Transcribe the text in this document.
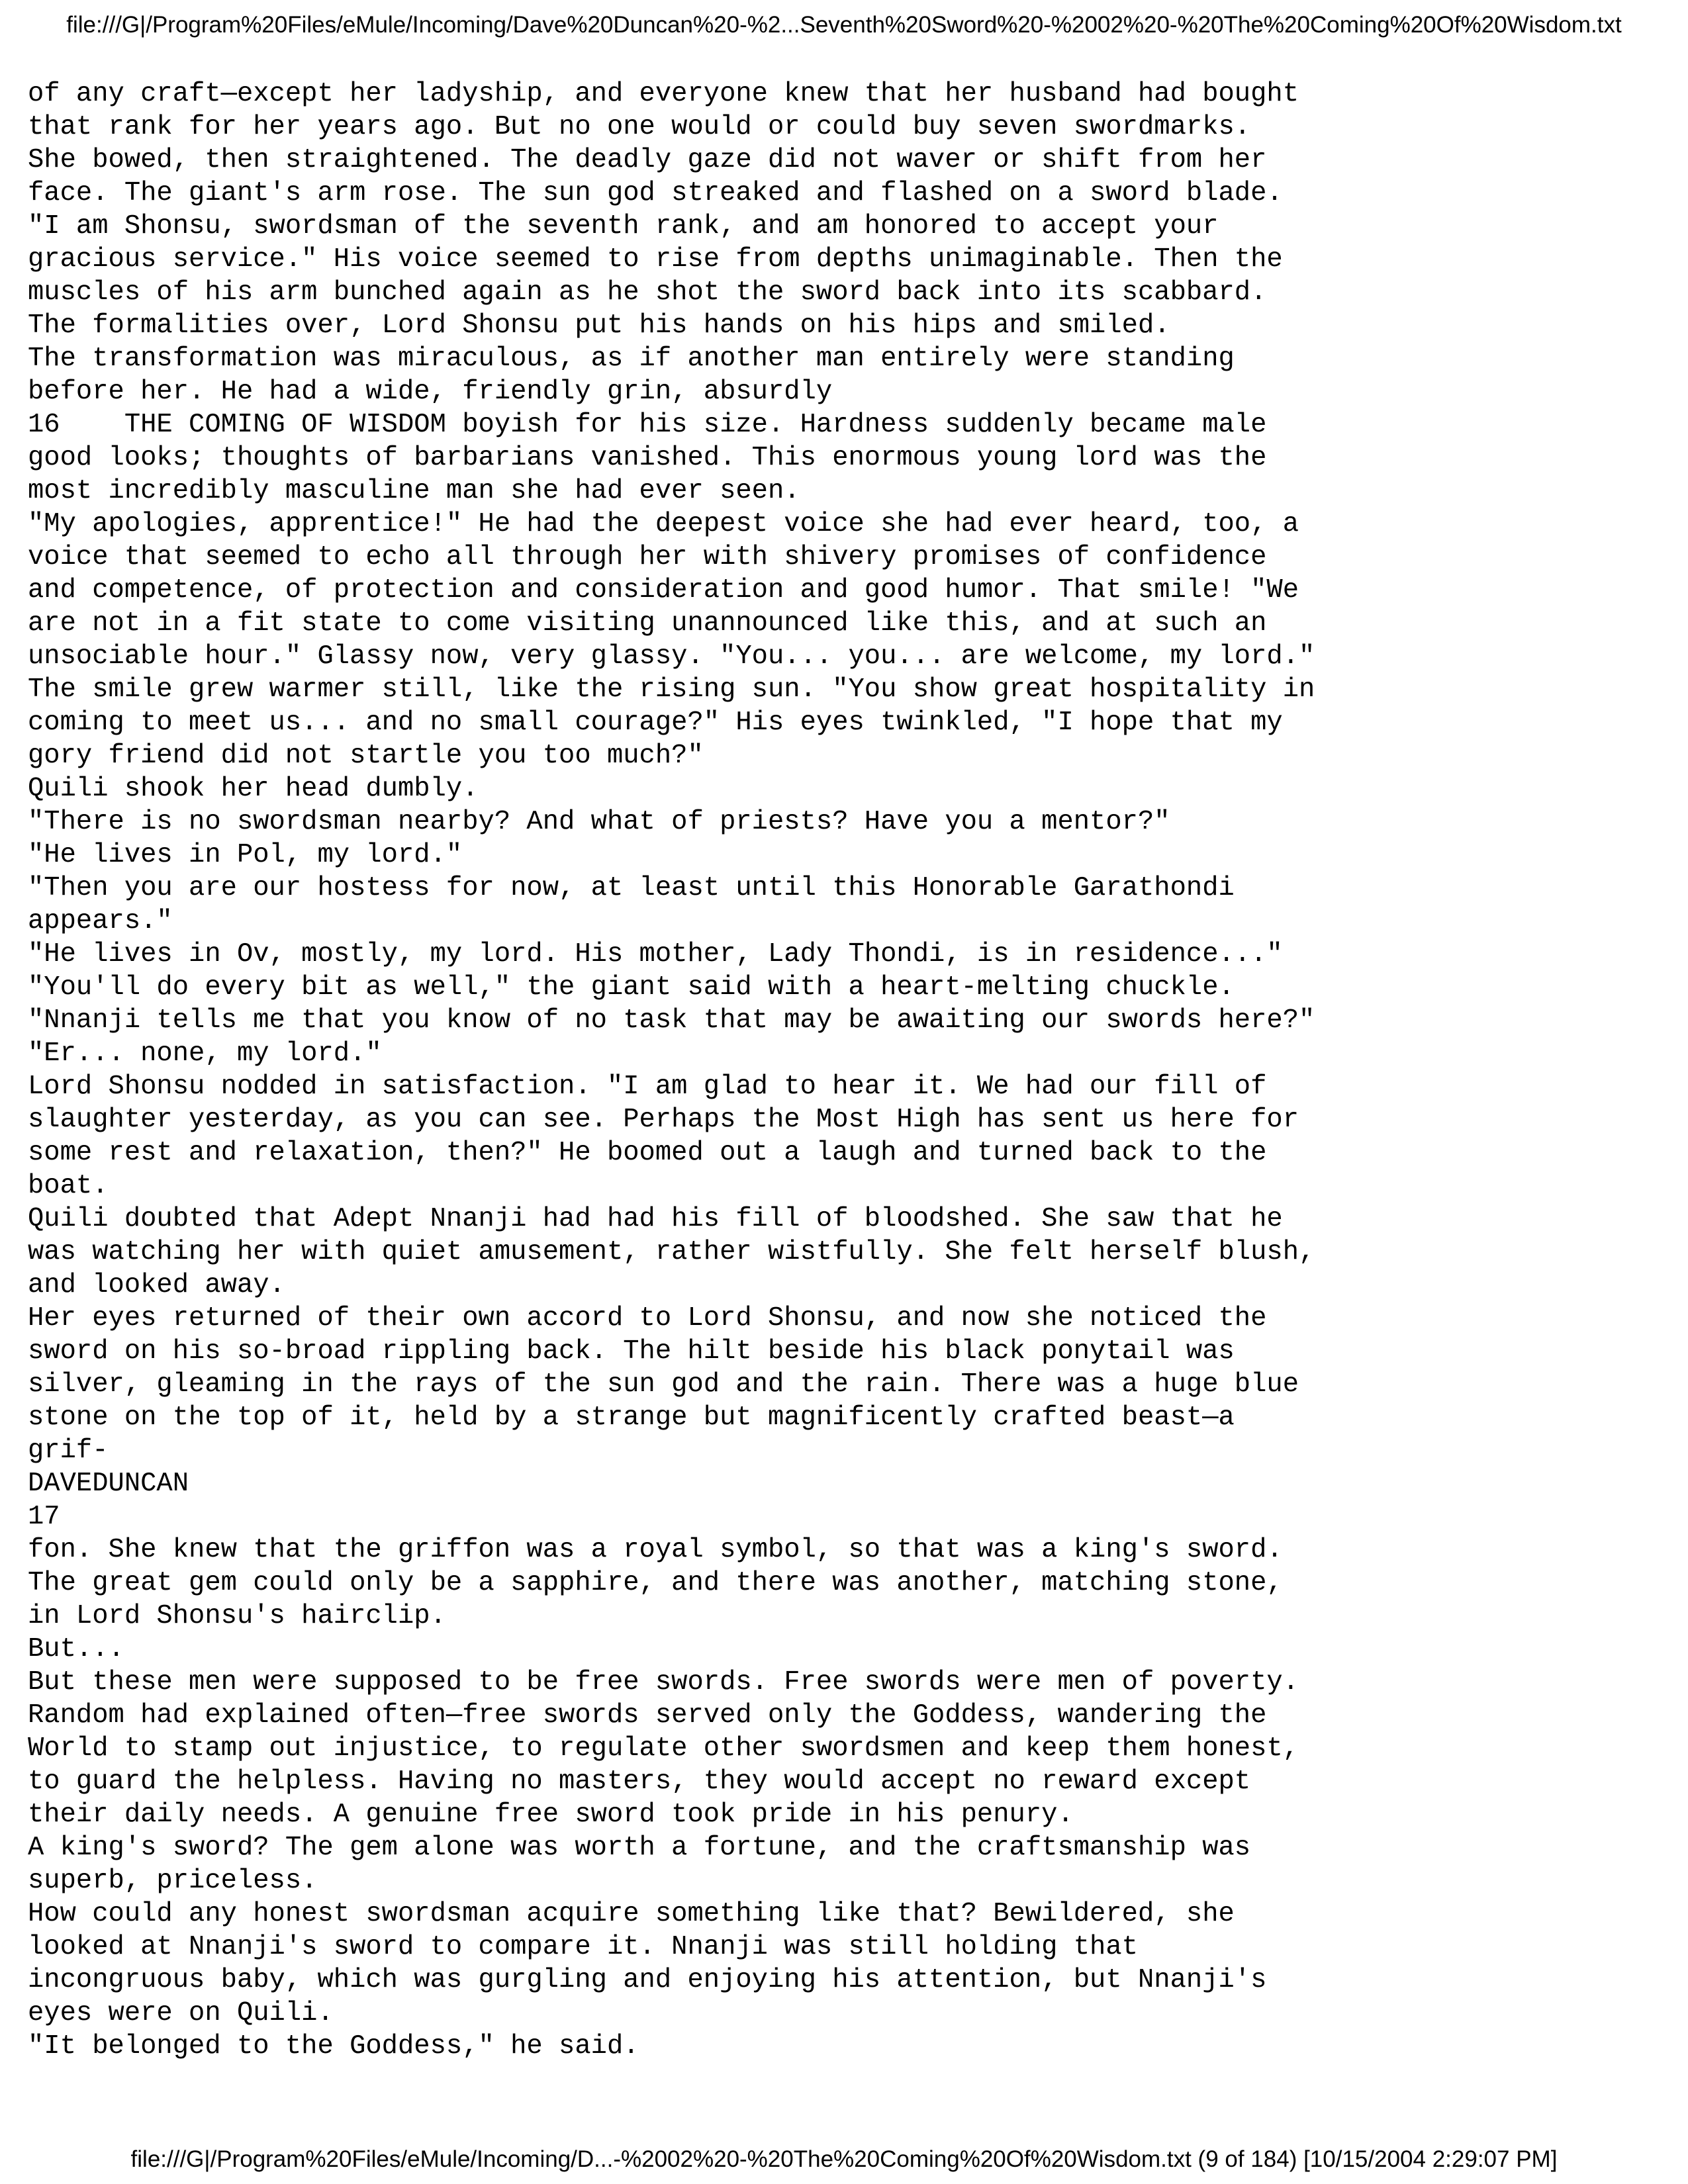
file:///G|/Program%20Files/eMule/Incoming/Dave%20Duncan%20-%2...Seventh%20Sword%20-%2002%20-%20The%20Coming%20Of%20Wisdom.txt
of any craft—except her ladyship, and everyone knew that her husband had bought
that rank for her years ago. But no one would or could buy seven swordmarks.
She bowed, then straightened. The deadly gaze did not waver or shift from her
face. The giant's arm rose. The sun god streaked and flashed on a sword blade.
"I am Shonsu, swordsman of the seventh rank, and am honored to accept your
gracious service." His voice seemed to rise from depths unimaginable. Then the
muscles of his arm bunched again as he shot the sword back into its scabbard.
The formalities over, Lord Shonsu put his hands on his hips and smiled.
The transformation was miraculous, as if another man entirely were standing
before her. He had a wide, friendly grin, absurdly
16    THE COMING OF WISDOM boyish for his size. Hardness suddenly became male
good looks; thoughts of barbarians vanished. This enormous young lord was the
most incredibly masculine man she had ever seen.
"My apologies, apprentice!" He had the deepest voice she had ever heard, too, a
voice that seemed to echo all through her with shivery promises of confidence
and competence, of protection and consideration and good humor. That smile! "We
are not in a fit state to come visiting unannounced like this, and at such an
unsociable hour." Glassy now, very glassy. "You... you... are welcome, my lord."
The smile grew warmer still, like the rising sun. "You show great hospitality in
coming to meet us... and no small courage?" His eyes twinkled, "I hope that my
gory friend did not startle you too much?"
Quili shook her head dumbly.
"There is no swordsman nearby? And what of priests? Have you a mentor?"
"He lives in Pol, my lord."
"Then you are our hostess for now, at least until this Honorable Garathondi
appears."
"He lives in Ov, mostly, my lord. His mother, Lady Thondi, is in residence..."
"You'll do every bit as well," the giant said with a heart-melting chuckle.
"Nnanji tells me that you know of no task that may be awaiting our swords here?"
"Er... none, my lord."
Lord Shonsu nodded in satisfaction. "I am glad to hear it. We had our fill of
slaughter yesterday, as you can see. Perhaps the Most High has sent us here for
some rest and relaxation, then?" He boomed out a laugh and turned back to the
boat.
Quili doubted that Adept Nnanji had had his fill of bloodshed. She saw that he
was watching her with quiet amusement, rather wistfully. She felt herself blush,
and looked away.
Her eyes returned of their own accord to Lord Shonsu, and now she noticed the
sword on his so-broad rippling back. The hilt beside his black ponytail was
silver, gleaming in the rays of the sun god and the rain. There was a huge blue
stone on the top of it, held by a strange but magnificently crafted beast—a
grif-
DAVEDUNCAN
17
fon. She knew that the griffon was a royal symbol, so that was a king's sword.
The great gem could only be a sapphire, and there was another, matching stone,
in Lord Shonsu's hairclip.
But...
But these men were supposed to be free swords. Free swords were men of poverty.
Random had explained often—free swords served only the Goddess, wandering the
World to stamp out injustice, to regulate other swordsmen and keep them honest,
to guard the helpless. Having no masters, they would accept no reward except
their daily needs. A genuine free sword took pride in his penury.
A king's sword? The gem alone was worth a fortune, and the craftsmanship was
superb, priceless.
How could any honest swordsman acquire something like that? Bewildered, she
looked at Nnanji's sword to compare it. Nnanji was still holding that
incongruous baby, which was gurgling and enjoying his attention, but Nnanji's
eyes were on Quili.
"It belonged to the Goddess," he said.
file:///G|/Program%20Files/eMule/Incoming/D...-%2002%20-%20The%20Coming%20Of%20Wisdom.txt (9 of 184) [10/15/2004 2:29:07 PM]
